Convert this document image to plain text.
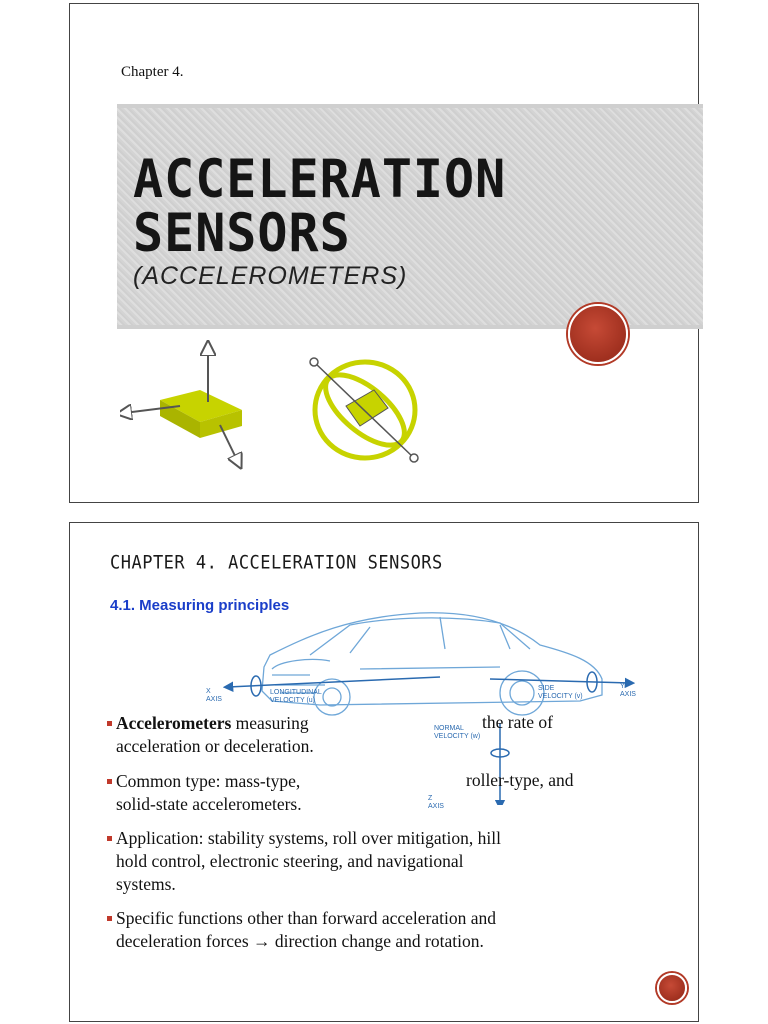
Chapter 4.
ACCELERATION
SENSORS
(ACCELEROMETERS)
CHAPTER 4. ACCELERATION SENSORS
4.1. Measuring principles
X
AXIS
LONGITUDINAL
VELOCITY (u)
SIDE
VELOCITY (v)
Y
AXIS
NORMAL
VELOCITY (w)
Z
AXIS
Accelerometers measuring
acceleration or deceleration.
the rate of
Common type: mass-type,
solid-state accelerometers.
roller-type, and
Application: stability systems, roll over mitigation, hill
hold control, electronic steering, and navigational
systems.
Specific functions other than forward acceleration and
deceleration forces → direction change and rotation.
